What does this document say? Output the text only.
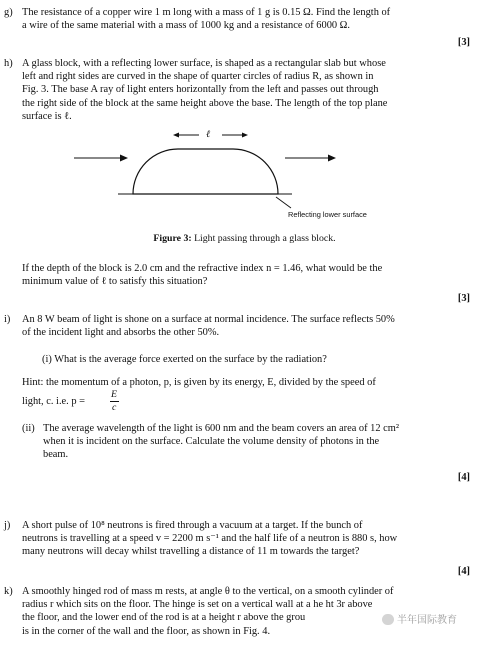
g) The resistance of a copper wire 1 m long with a mass of 1 g is 0.15 Ω. Find the length of
a wire of the same material with a mass of 1000 kg and a resistance of 6000 Ω.
[3]
h) A glass block, with a reflecting lower surface, is shaped as a rectangular slab but whose
left and right sides are curved in the shape of quarter circles of radius R, as shown in
Fig. 3. The base A ray of light enters horizontally from the left and passes out through
the right side of the block at the same height above the base. The length of the top plane
surface is ℓ.
ℓ
Reflecting lower surface
Figure 3: Light passing through a glass block.
If the depth of the block is 2.0 cm and the refractive index n = 1.46, what would be the
minimum value of ℓ to satisfy this situation?
[3]
i) An 8 W beam of light is shone on a surface at normal incidence. The surface reflects 50%
of the incident light and absorbs the other 50%.
(i) What is the average force exerted on the surface by the radiation?
Hint: the momentum of a photon, p, is given by its energy, E, divided by the speed of
light, c. i.e. p =
E
c
(ii) The average wavelength of the light is 600 nm and the beam covers an area of 12 cm²
when it is incident on the surface. Calculate the volume density of photons in the
beam.
[4]
j) A short pulse of 10⁸ neutrons is fired through a vacuum at a target. If the bunch of
neutrons is travelling at a speed v = 2200 m s⁻¹ and the half life of a neutron is 880 s, how
many neutrons will decay whilst travelling a distance of 11 m towards the target?
[4]
k) A smoothly hinged rod of mass m rests, at angle θ to the vertical, on a smooth cylinder of
radius r which sits on the floor. The hinge is set on a vertical wall at a he ht 3r above
the floor, and the lower end of the rod is at a height r above the grou
is in the corner of the wall and the floor, as shown in Fig. 4.
半年国际教育
